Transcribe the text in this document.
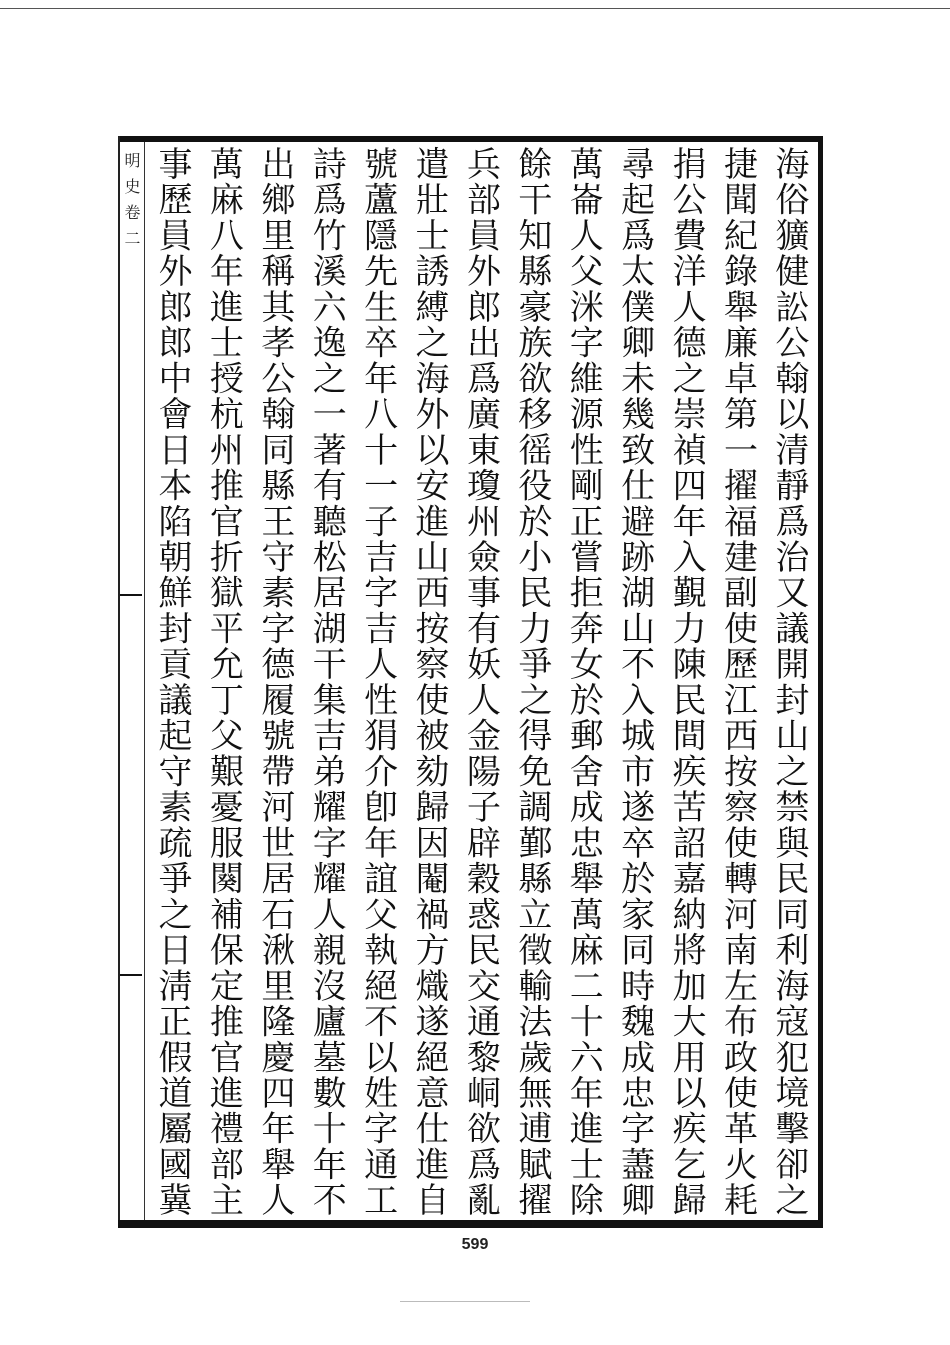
明史卷二	海俗獷健訟公翰以清靜爲治又議開封山之禁與民同利海寇犯境擊卻之
捷聞紀錄舉廉卓第一擢福建副使歷江西按察使轉河南左布政使革火耗
捐公費洋人德之崇禎四年入覲力陳民間疾苦詔嘉納將加大用以疾乞歸
尋起爲太僕卿未幾致仕避跡湖山不入城市遂卒於家同時魏成忠字藎卿
萬崙人父洣字維源性剛正嘗拒奔女於郵舍成忠舉萬麻二十六年進士除
餘干知縣豪族欲移徭役於小民力爭之得免調鄞縣立徵輸法歲無逋賦擢
兵部員外郎出爲廣東瓊州僉事有妖人金陽子辟穀惑民交通黎峒欲爲亂
遣壯士誘縛之海外以安進山西按察使被劾歸因閹禍方熾遂絕意仕進自
號蘆隱先生卒年八十一子吉字吉人性狷介卽年誼父執絕不以姓字通工
詩爲竹溪六逸之一著有聽松居湖干集吉弟耀字耀人親沒廬墓數十年不
出鄉里稱其孝公翰同縣王守素字德履號帶河世居石湫里隆慶四年舉人
萬麻八年進士授杭州推官折獄平允丁父艱憂服闋補保定推官進禮部主
事歷員外郎郎中會日本陷朝鮮封貢議起守素疏爭之日淸正假道屬國冀
599
